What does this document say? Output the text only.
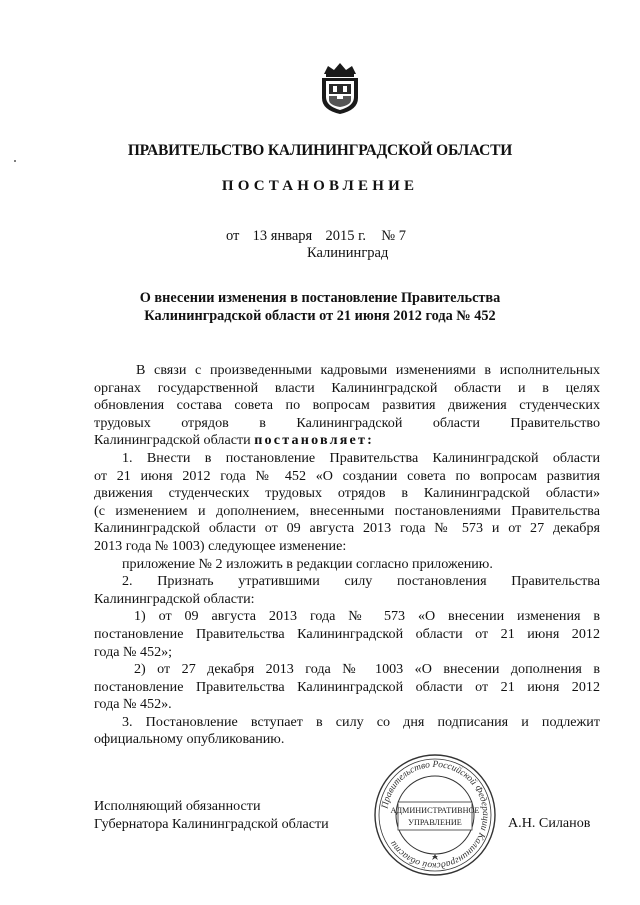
ПРАВИТЕЛЬСТВО КАЛИНИНГРАДСКОЙ ОБЛАСТИ
ПОСТАНОВЛЕНИЕ
от 13 января 2015 г. № 7
Калининград
О внесении изменения в постановление Правительства
Калининградской области от 21 июня 2012 года № 452
В связи с произведенными кадровыми изменениями в исполнительных
органах государственной власти Калининградской области и в целях
обновления состава совета по вопросам развития движения студенческих
трудовых отрядов в Калининградской области Правительство
Калининградской области постановляет:
1. Внести в постановление Правительства Калининградской области
от 21 июня 2012 года № 452 «О создании совета по вопросам развития
движения студенческих трудовых отрядов в Калининградской области»
(с изменением и дополнением, внесенными постановлениями Правительства
Калининградской области от 09 августа 2013 года № 573 и от 27 декабря
2013 года № 1003) следующее изменение:
приложение № 2 изложить в редакции согласно приложению.
2. Признать утратившими силу постановления Правительства
Калининградской области:
1) от 09 августа 2013 года № 573 «О внесении изменения в
постановление Правительства Калининградской области от 21 июня 2012
года № 452»;
2) от 27 декабря 2013 года № 1003 «О внесении дополнения в
постановление Правительства Калининградской области от 21 июня 2012
года № 452».
3. Постановление вступает в силу со дня подписания и подлежит
официальному опубликованию.
Исполняющий обязанности
Губернатора Калининградской области	А.Н. Силанов
Правительство Российской Федерации Калининградской области
АДМИНИСТРАТИВНОЕ
УПРАВЛЕНИЕ
